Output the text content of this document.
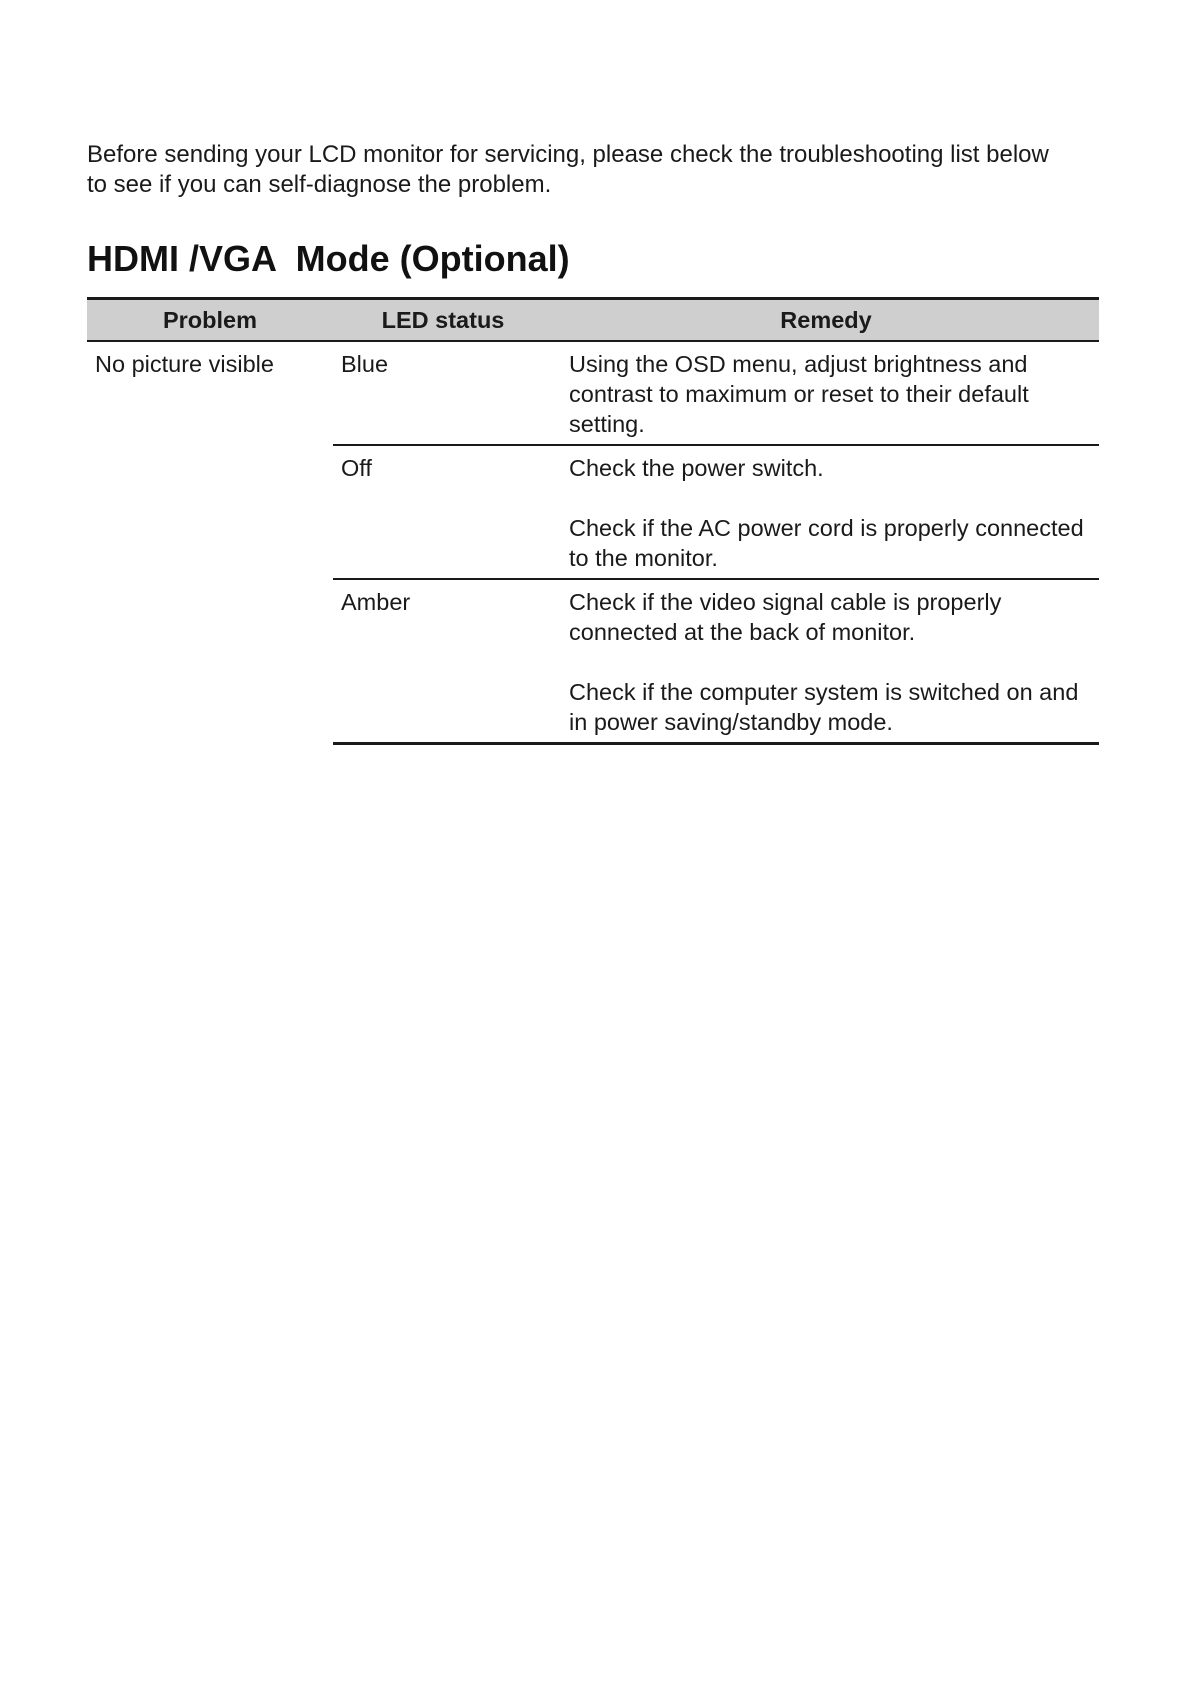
Before sending your LCD monitor for servicing, please check the troubleshooting list below
to see if you can self-diagnose the problem.

HDMI /VGA  Mode (Optional)
Problem	LED status	Remedy
No picture visible	Blue	Using the OSD menu, adjust brightness and contrast to maximum or reset to their default setting.

	Off	Check the power switch.

Check if the AC power cord is properly connected to the monitor.

	Amber	Check if the video signal cable is properly connected at the back of monitor.

Check if the computer system is switched on and in power saving/standby mode.
